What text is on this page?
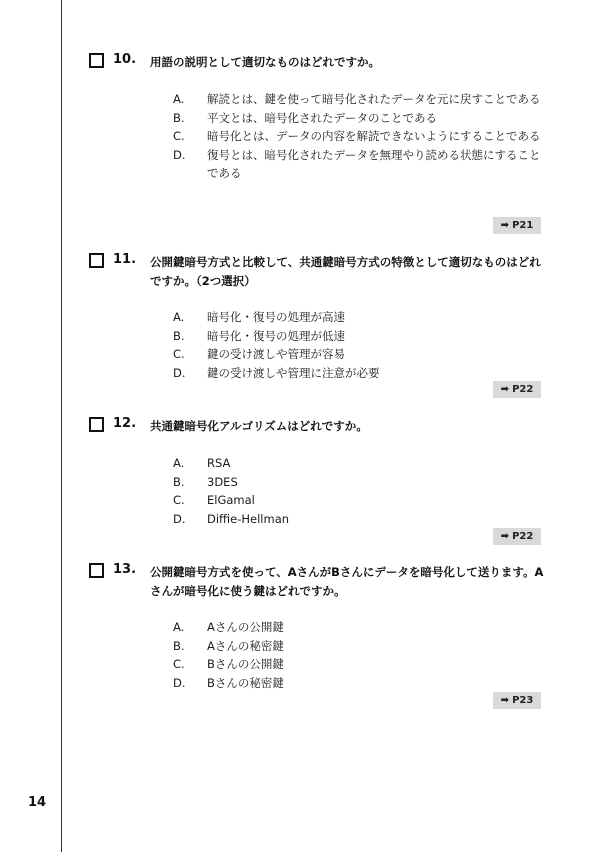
14
10. 用語の説明として適切なものはどれですか。
A. 解読とは、鍵を使って暗号化されたデータを元に戻すことである
B. 平文とは、暗号化されたデータのことである
C. 暗号化とは、データの内容を解読できないようにすることである
D. 復号とは、暗号化されたデータを無理やり読める状態にすることである
➡ P21
11. 公開鍵暗号方式と比較して、共通鍵暗号方式の特徴として適切なものはどれですか。（2つ選択）
A. 暗号化・復号の処理が高速
B. 暗号化・復号の処理が低速
C. 鍵の受け渡しや管理が容易
D. 鍵の受け渡しや管理に注意が必要
➡ P22
12. 共通鍵暗号化アルゴリズムはどれですか。
A. RSA
B. 3DES
C. ElGamal
D. Diffie-Hellman
➡ P22
13. 公開鍵暗号方式を使って、AさんがBさんにデータを暗号化して送ります。Aさんが暗号化に使う鍵はどれですか。
A. Aさんの公開鍵
B. Aさんの秘密鍵
C. Bさんの公開鍵
D. Bさんの秘密鍵
➡ P23
